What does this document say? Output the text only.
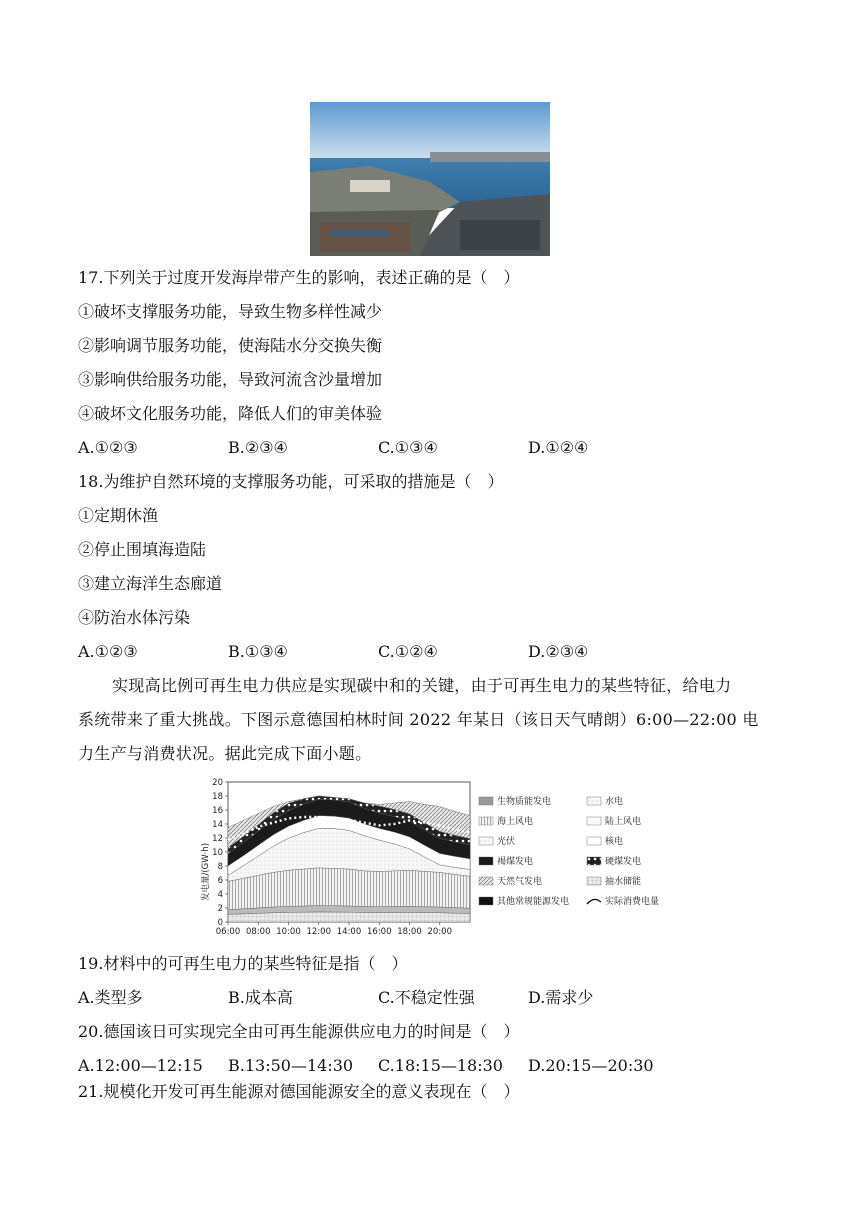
17.下列关于过度开发海岸带产生的影响，表述正确的是（　）
①破坏支撑服务功能，导致生物多样性减少
②影响调节服务功能，使海陆水分交换失衡
③影响供给服务功能，导致河流含沙量增加
④破坏文化服务功能，降低人们的审美体验
A.①②③	B.②③④	C.①③④	D.①②④
18.为维护自然环境的支撑服务功能，可采取的措施是（　）
①定期休渔
②停止围填海造陆
③建立海洋生态廊道
④防治水体污染
A.①②③	B.①③④	C.①②④	D.②③④
实现高比例可再生电力供应是实现碳中和的关键，由于可再生电力的某些特征，给电力
系统带来了重大挑战。下图示意德国柏林时间 2022 年某日（该日天气晴朗）6:00—22:00 电
力生产与消费状况。据此完成下面小题。
0
2
4
6
8
10
12
14
16
18
20
06:00 08:00 10:00 12:00 14:00 16:00 18:00 20:00
发电量/(GW·h)
生物质能发电	水电
海上风电	陆上风电
光伏	核电
褐煤发电	硬煤发电
天然气发电	抽水储能
其他常规能源发电	实际消费电量
19.材料中的可再生电力的某些特征是指（　）
A.类型多	B.成本高	C.不稳定性强	D.需求少
20.德国该日可实现完全由可再生能源供应电力的时间是（　）
A.12:00—12:15 B.13:50—14:30 C.18:15—18:30 D.20:15—20:30
21.规模化开发可再生能源对德国能源安全的意义表现在（　）
